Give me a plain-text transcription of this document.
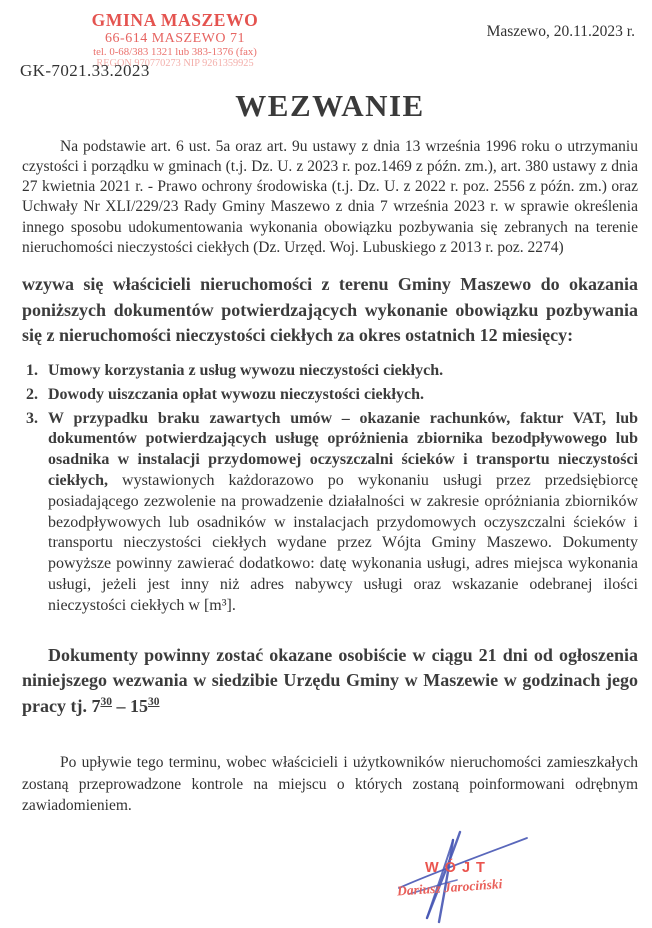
GMINA MASZEWO
66-614 MASZEWO 71
tel. 0-68/383 1321 lub 383-1376 (fax)
REGON 970770273 NIP 9261359925
Maszewo, 20.11.2023 r.
GK-7021.33.2023
WEZWANIE

Na podstawie art. 6 ust. 5a oraz art. 9u ustawy z dnia 13 września 1996 roku o utrzymaniu czystości i porządku w gminach (t.j. Dz. U. z 2023 r. poz.1469 z późn. zm.), art. 380 ustawy z dnia 27 kwietnia 2021 r. - Prawo ochrony środowiska (t.j. Dz. U. z 2022 r. poz. 2556 z późn. zm.) oraz Uchwały Nr XLI/229/23 Rady Gminy Maszewo z dnia 7 września 2023 r. w sprawie określenia innego sposobu udokumentowania wykonania obowiązku pozbywania się zebranych na terenie nieruchomości nieczystości ciekłych (Dz. Urzęd. Woj. Lubuskiego z 2013 r. poz. 2274)

wzywa się właścicieli nieruchomości z terenu Gminy Maszewo do okazania poniższych dokumentów potwierdzających wykonanie obowiązku pozbywania się z nieruchomości nieczystości ciekłych za okres ostatnich 12 miesięcy:

1. Umowy korzystania z usług wywozu nieczystości ciekłych.
2. Dowody uiszczania opłat wywozu nieczystości ciekłych.
3. W przypadku braku zawartych umów – okazanie rachunków, faktur VAT, lub dokumentów potwierdzających usługę opróżnienia zbiornika bezodpływowego lub osadnika w instalacji przydomowej oczyszczalni ścieków i transportu nieczystości ciekłych, wystawionych każdorazowo po wykonaniu usługi przez przedsiębiorcę posiadającego zezwolenie na prowadzenie działalności w zakresie opróżniania zbiorników bezodpływowych lub osadników w instalacjach przydomowych oczyszczalni ścieków i transportu nieczystości ciekłych wydane przez Wójta Gminy Maszewo. Dokumenty powyższe powinny zawierać dodatkowo: datę wykonania usługi, adres miejsca wykonania usługi, jeżeli jest inny niż adres nabywcy usługi oraz wskazanie odebranej ilości nieczystości ciekłych w [m³].

Dokumenty powinny zostać okazane osobiście w ciągu 21 dni od ogłoszenia niniejszego wezwania w siedzibie Urzędu Gminy w Maszewie w godzinach jego pracy tj. $7^{30} - 15^{30}$

Po upływie tego terminu, wobec właścicieli i użytkowników nieruchomości zamieszkałych zostaną przeprowadzone kontrole na miejscu o których zostaną poinformowani odrębnym zawiadomieniem.

WÓJT
Dariusz Jarociński
